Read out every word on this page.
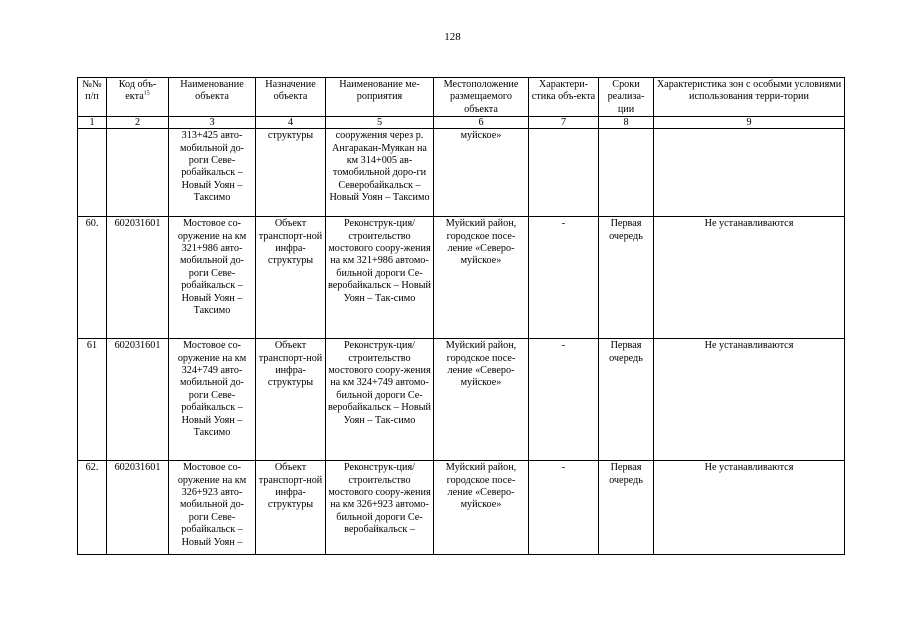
128
№№ п/п	Код объ-екта$^{15}$	Наименование объекта	Назначение объекта	Наименование ме-роприятия	Местоположение размещаемого объекта	Характери-стика объ-екта	Сроки реализа-ции	Характеристика зон с особыми условиями использования терри-тории
1	2	3	4	5	6	7	8	9
		313+425 авто-мобильной до-роги Севе-робайкальск – Новый Уоян – Таксимо	структуры	сооружения через р. Ангаракан-Муякан на км 314+005 ав-томобильной доро-ги Северобайкальск – Новый Уоян – Таксимо	муйское»			
60.	602031601	Мостовое со-оружение на км 321+986 авто-мобильной до-роги Севе-робайкальск – Новый Уоян – Таксимо	Объект транспорт-ной инфра-структуры	Реконструк-ция/строительство мостового соору-жения на км 321+986 автомо-бильной дороги Се-веробайкальск – Новый Уоян – Так-симо	Муйский район, городское посе-ление «Северо-муйское»	-	Первая очередь	Не устанавливаются
61	602031601	Мостовое со-оружение на км 324+749 авто-мобильной до-роги Севе-робайкальск – Новый Уоян – Таксимо	Объект транспорт-ной инфра-структуры	Реконструк-ция/строительство мостового соору-жения на км 324+749 автомо-бильной дороги Се-веробайкальск – Новый Уоян – Так-симо	Муйский район, городское посе-ление «Северо-муйское»	-	Первая очередь	Не устанавливаются
62.	602031601	Мостовое со-оружение на км 326+923 авто-мобильной до-роги Севе-робайкальск – Новый Уоян –	Объект транспорт-ной инфра-структуры	Реконструк-ция/строительство мостового соору-жения на км 326+923 автомо-бильной дороги Се-веробайкальск –	Муйский район, городское посе-ление «Северо-муйское»	-	Первая очередь	Не устанавливаются
